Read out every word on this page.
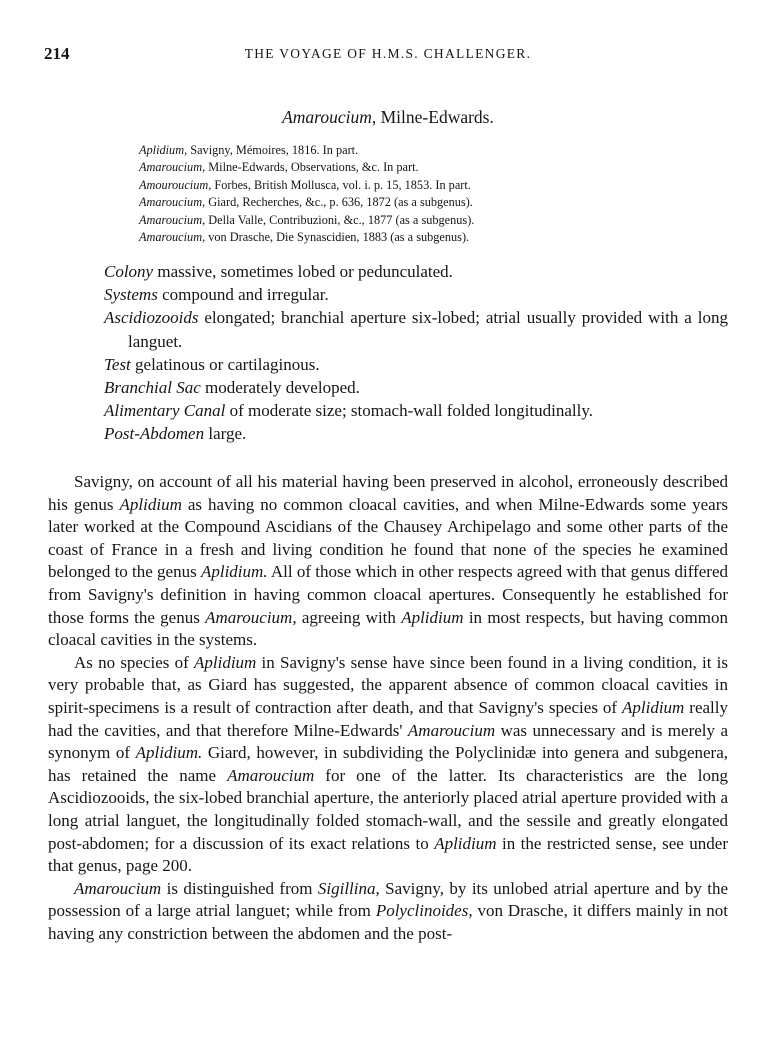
214	THE VOYAGE OF H.M.S. CHALLENGER.
Amaroucium, Milne-Edwards.
Aplidium, Savigny, Mémoires, 1816. In part.
Amaroucium, Milne-Edwards, Observations, &c. In part.
Amouroucium, Forbes, British Mollusca, vol. i. p. 15, 1853. In part.
Amaroucium, Giard, Recherches, &c., p. 636, 1872 (as a subgenus).
Amaroucium, Della Valle, Contribuzioni, &c., 1877 (as a subgenus).
Amaroucium, von Drasche, Die Synascidien, 1883 (as a subgenus).
Colony massive, sometimes lobed or pedunculated.
Systems compound and irregular.
Ascidiozooids elongated; branchial aperture six-lobed; atrial usually provided with a long languet.
Test gelatinous or cartilaginous.
Branchial Sac moderately developed.
Alimentary Canal of moderate size; stomach-wall folded longitudinally.
Post-Abdomen large.

Savigny, on account of all his material having been preserved in alcohol, erroneously described his genus Aplidium as having no common cloacal cavities, and when Milne-Edwards some years later worked at the Compound Ascidians of the Chausey Archipelago and some other parts of the coast of France in a fresh and living condition he found that none of the species he examined belonged to the genus Aplidium. All of those which in other respects agreed with that genus differed from Savigny's definition in having common cloacal apertures. Consequently he established for those forms the genus Amaroucium, agreeing with Aplidium in most respects, but having common cloacal cavities in the systems.

As no species of Aplidium in Savigny's sense have since been found in a living condition, it is very probable that, as Giard has suggested, the apparent absence of common cloacal cavities in spirit-specimens is a result of contraction after death, and that Savigny's species of Aplidium really had the cavities, and that therefore Milne-Edwards' Amaroucium was unnecessary and is merely a synonym of Aplidium. Giard, however, in subdividing the Polyclinidæ into genera and subgenera, has retained the name Amaroucium for one of the latter. Its characteristics are the long Ascidiozooids, the six-lobed branchial aperture, the anteriorly placed atrial aperture provided with a long atrial languet, the longitudinally folded stomach-wall, and the sessile and greatly elongated post-abdomen; for a discussion of its exact relations to Aplidium in the restricted sense, see under that genus, page 200.

Amaroucium is distinguished from Sigillina, Savigny, by its unlobed atrial aperture and by the possession of a large atrial languet; while from Polyclinoides, von Drasche, it differs mainly in not having any constriction between the abdomen and the post-
